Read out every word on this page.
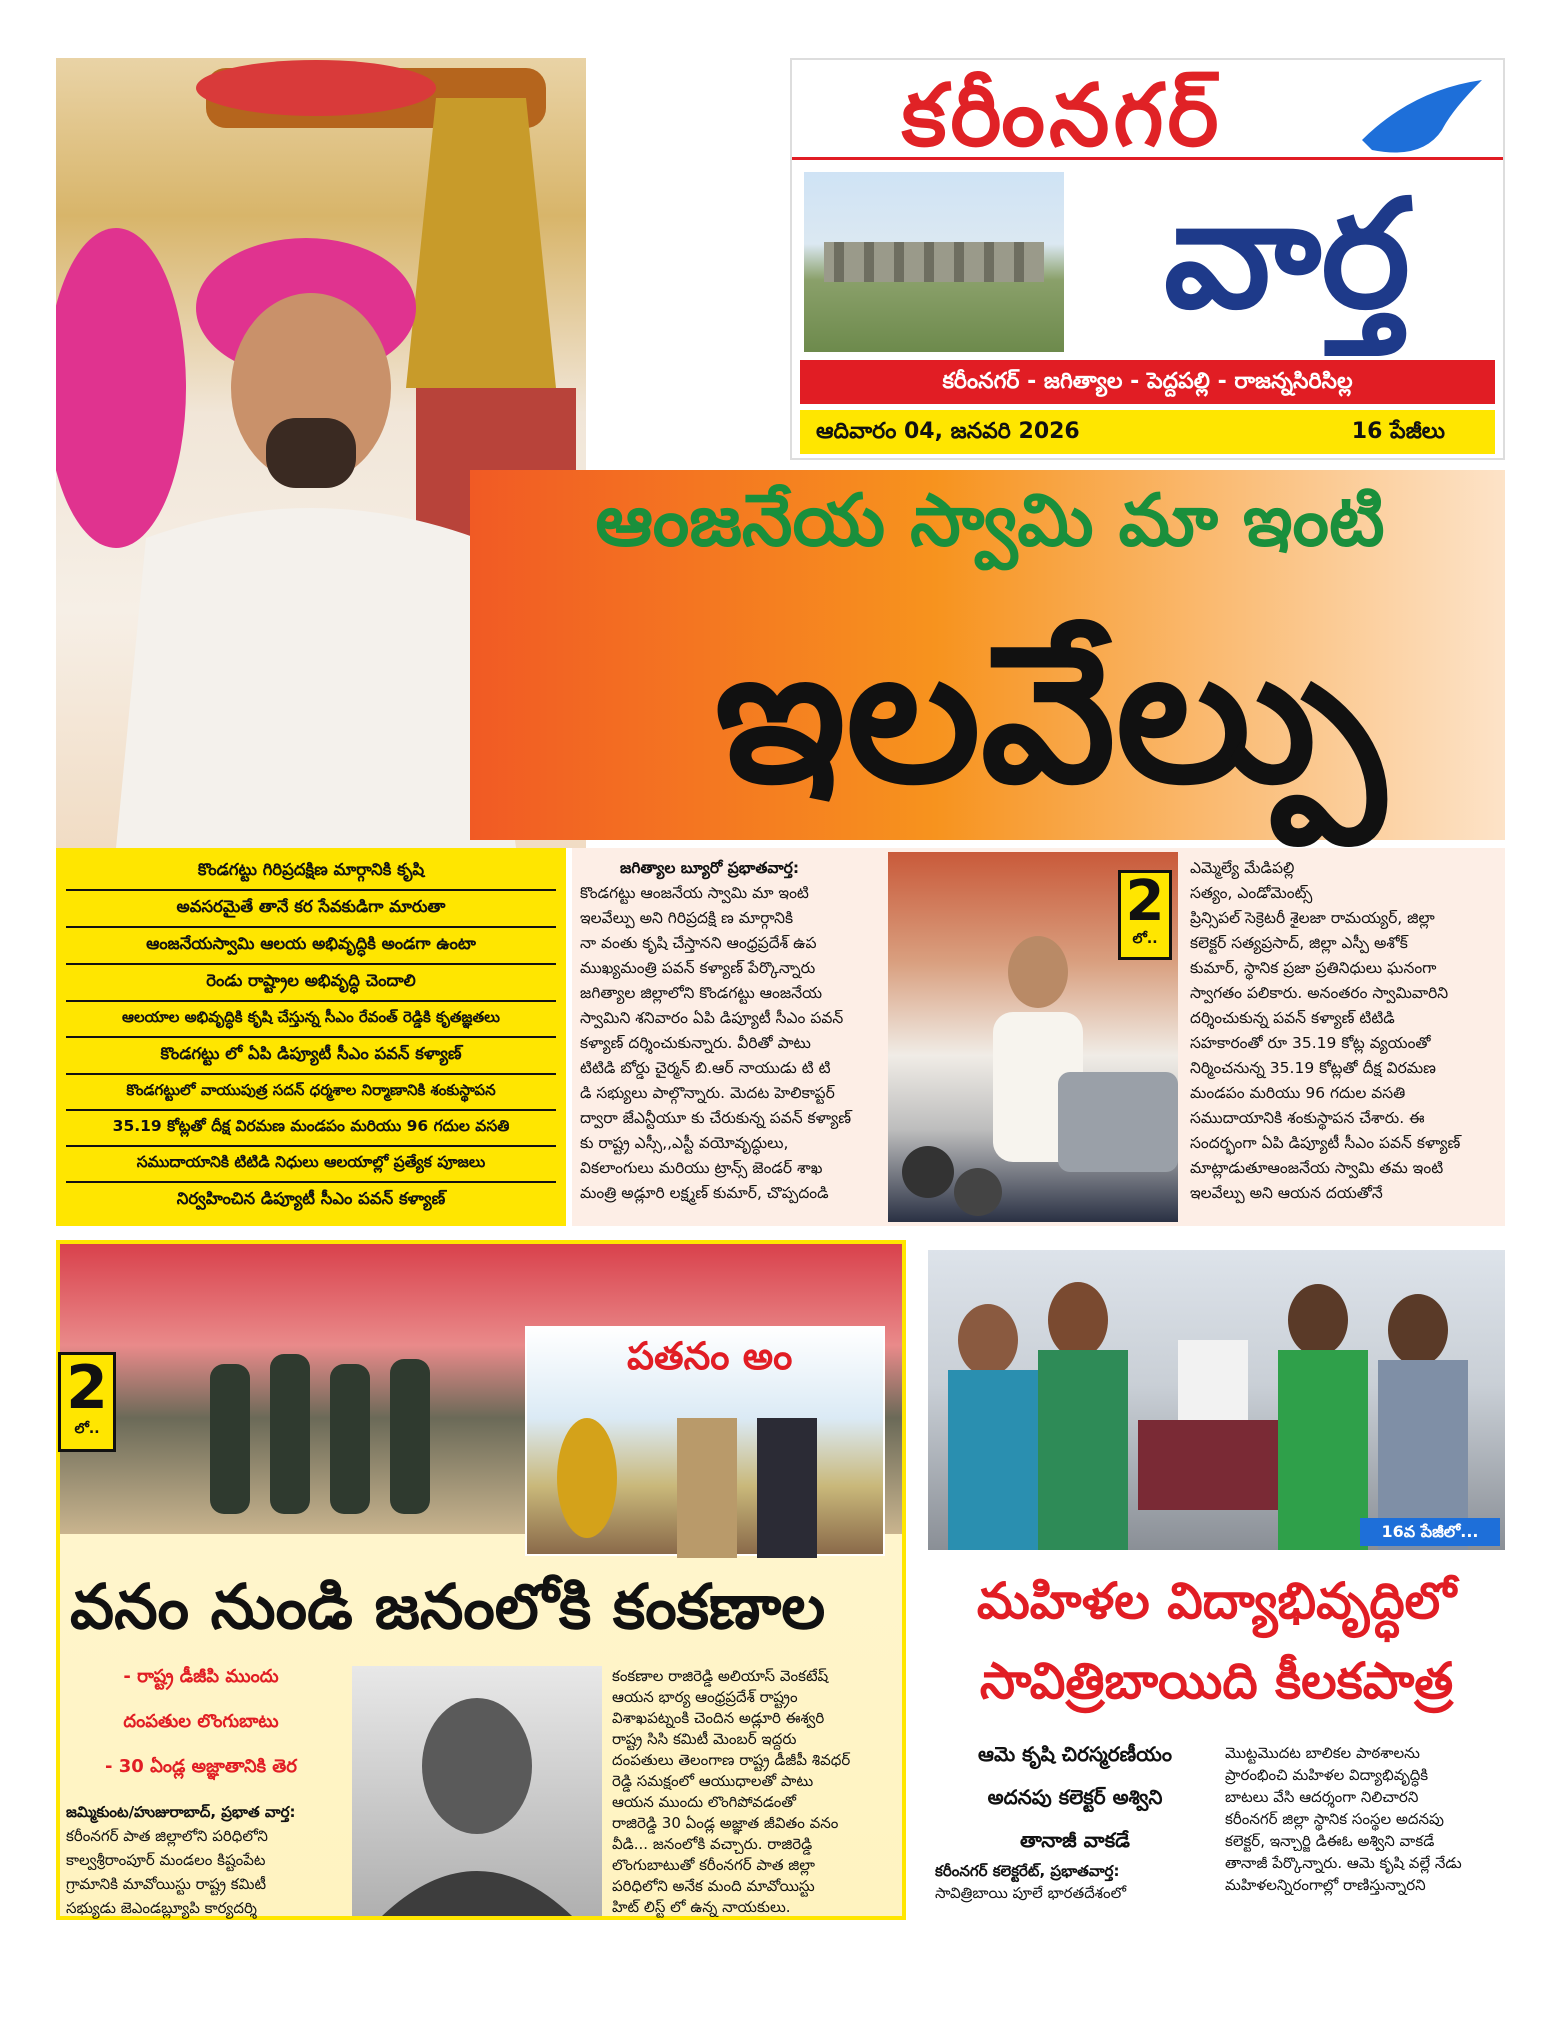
కరీంనగర్
వార్త
కరీంనగర్ - జగిత్యాల - పెద్దపల్లి - రాజన్నసిరిసిల్ల
ఆదివారం 04, జనవరి 2026	16 పేజీలు
ఆంజనేయ స్వామి మా ఇంటి
ఇలవేల్పు
కొండగట్టు గిరిప్రదక్షిణ మార్గానికి కృషి
అవసరమైతే తానే కర సేవకుడిగా మారుతా
ఆంజనేయస్వామి ఆలయ అభివృద్ధికి అండగా ఉంటా
రెండు రాష్ట్రాల అభివృద్ధి చెందాలి
ఆలయాల అభివృద్ధికి కృషి చేస్తున్న సీఎం రేవంత్ రెడ్డికి కృతజ్ఞతలు
కొండగట్టు లో ఏపి డిప్యూటీ సీఎం పవన్ కళ్యాణ్
కొండగట్టులో వాయుపుత్ర సదన్ ధర్మశాల నిర్మాణానికి శంకుస్థాపన
35.19 కోట్లతో దీక్ష విరమణ మండపం మరియు 96 గదుల వసతి
సముదాయానికి టిటిడి నిధులు ఆలయాల్లో ప్రత్యేక పూజలు
నిర్వహించిన డిప్యూటీ సీఎం పవన్ కళ్యాణ్

జగిత్యాల బ్యూరో ప్రభాతవార్త:

కొండగట్టు ఆంజనేయ స్వామి మా ఇంటి

ఇలవేల్పు అని గిరిప్రదక్షి ణ మార్గానికి

నా వంతు కృషి చేస్తానని ఆంధ్రప్రదేశ్ ఉప

ముఖ్యమంత్రి పవన్ కళ్యాణ్ పేర్కొన్నారు

జగిత్యాల జిల్లాలోని కొండగట్టు ఆంజనేయ

స్వామిని శనివారం ఏపి డిప్యూటీ సీఎం పవన్

కళ్యాణ్ దర్శించుకున్నారు. వీరితో పాటు

టిటిడి బోర్డు చైర్మన్ బి.ఆర్ నాయుడు టి టి

డి సభ్యులు పాల్గొన్నారు. మెదట హెలికాప్టర్

ద్వారా జేఎన్టీయూ కు చేరుకున్న పవన్ కళ్యాణ్

కు రాష్ట్ర ఎస్సీ,,ఎస్టీ వయోవృద్ధులు,

వికలాంగులు మరియు ట్రాన్స్ జెండర్ శాఖ

మంత్రి అడ్లూరి లక్ష్మణ్ కుమార్, చొప్పదండి

2
లో..

ఎమ్మెల్యే మేడిపల్లి

సత్యం, ఎండోమెంట్స్

ప్రిన్సిపల్ సెక్రెటరీ శైలజా రామయ్యర్, జిల్లా

కలెక్టర్ సత్యప్రసాద్, జిల్లా ఎస్పీ అశోక్

కుమార్, స్థానిక ప్రజా ప్రతినిధులు ఘనంగా

స్వాగతం పలికారు. అనంతరం స్వామివారిని

దర్శించుకున్న పవన్ కళ్యాణ్ టిటిడి

సహకారంతో రూ 35.19 కోట్ల వ్యయంతో

నిర్మించనున్న 35.19 కోట్లతో దీక్ష విరమణ

మండపం మరియు 96 గదుల వసతి

సముదాయానికి శంకుస్థాపన చేశారు. ఈ

సందర్భంగా ఏపి డిప్యూటీ సీఎం పవన్ కళ్యాణ్

మాట్లాడుతూఆంజనేయ స్వామి తమ ఇంటి

ఇలవేల్పు అని ఆయన దయతోనే

పతనం అం
2
లో..
వనం నుండి జనంలోకి కంకణాల
- రాష్ట్ర డీజీపి ముందు
దంపతుల లొంగుబాటు
- 30 ఏండ్ల అజ్ఞాతానికి తెర

జమ్మికుంట/హుజురాబాద్, ప్రభాత వార్త:

కరీంనగర్ పాత జిల్లాలోని పరిధిలోని

కాల్వశ్రీరాంపూర్ మండలం కిష్టంపేట

గ్రామానికి మావోయిస్టు రాష్ట్ర కమిటీ

సభ్యుడు జెఎండబ్ల్యూపి కార్యదర్శి

కంకణాల రాజిరెడ్డి అలియాస్ వెంకటేష్

ఆయన భార్య ఆంధ్రప్రదేశ్ రాష్ట్రం

విశాఖపట్నంకి చెందిన అడ్లూరి ఈశ్వరి

రాష్ట్ర సిసి కమిటీ మెంబర్ ఇద్దరు

దంపతులు తెలంగాణ రాష్ట్ర డీజీపీ శివధర్

రెడ్డి సమక్షంలో ఆయుధాలతో పాటు

ఆయన ముందు లొంగిపోవడంతో

రాజిరెడ్డి 30 ఏండ్ల అజ్ఞాత జీవితం వనం

వీడి... జనంలోకి వచ్చారు. రాజిరెడ్డి

లొంగుబాటుతో కరీంనగర్ పాత జిల్లా

పరిధిలోని అనేక మంది మావోయిస్టు

హిట్ లిస్ట్ లో ఉన్న నాయకులు.

16వ పేజీలో...
మహిళల విద్యాభివృద్ధిలో
సావిత్రిబాయిది కీలకపాత్ర
ఆమె కృషి చిరస్మరణీయం
అదనపు కలెక్టర్ అశ్విని
తానాజీ వాకడే

కరీంనగర్ కలెక్టరేట్, ప్రభాతవార్త:

సావిత్రిబాయి పూలే భారతదేశంలో

మొట్టమొదట బాలికల పాఠశాలను

ప్రారంభించి మహిళల విద్యాభివృద్ధికి

బాటలు వేసి ఆదర్శంగా నిలిచారని

కరీంనగర్ జిల్లా స్థానిక సంస్థల అదనపు

కలెక్టర్, ఇన్చార్జి డిఈఓ అశ్విని వాకడే

తానాజీ పేర్కొన్నారు. ఆమె కృషి వల్లే నేడు

మహిళలన్నిరంగాల్లో రాణిస్తున్నారని
